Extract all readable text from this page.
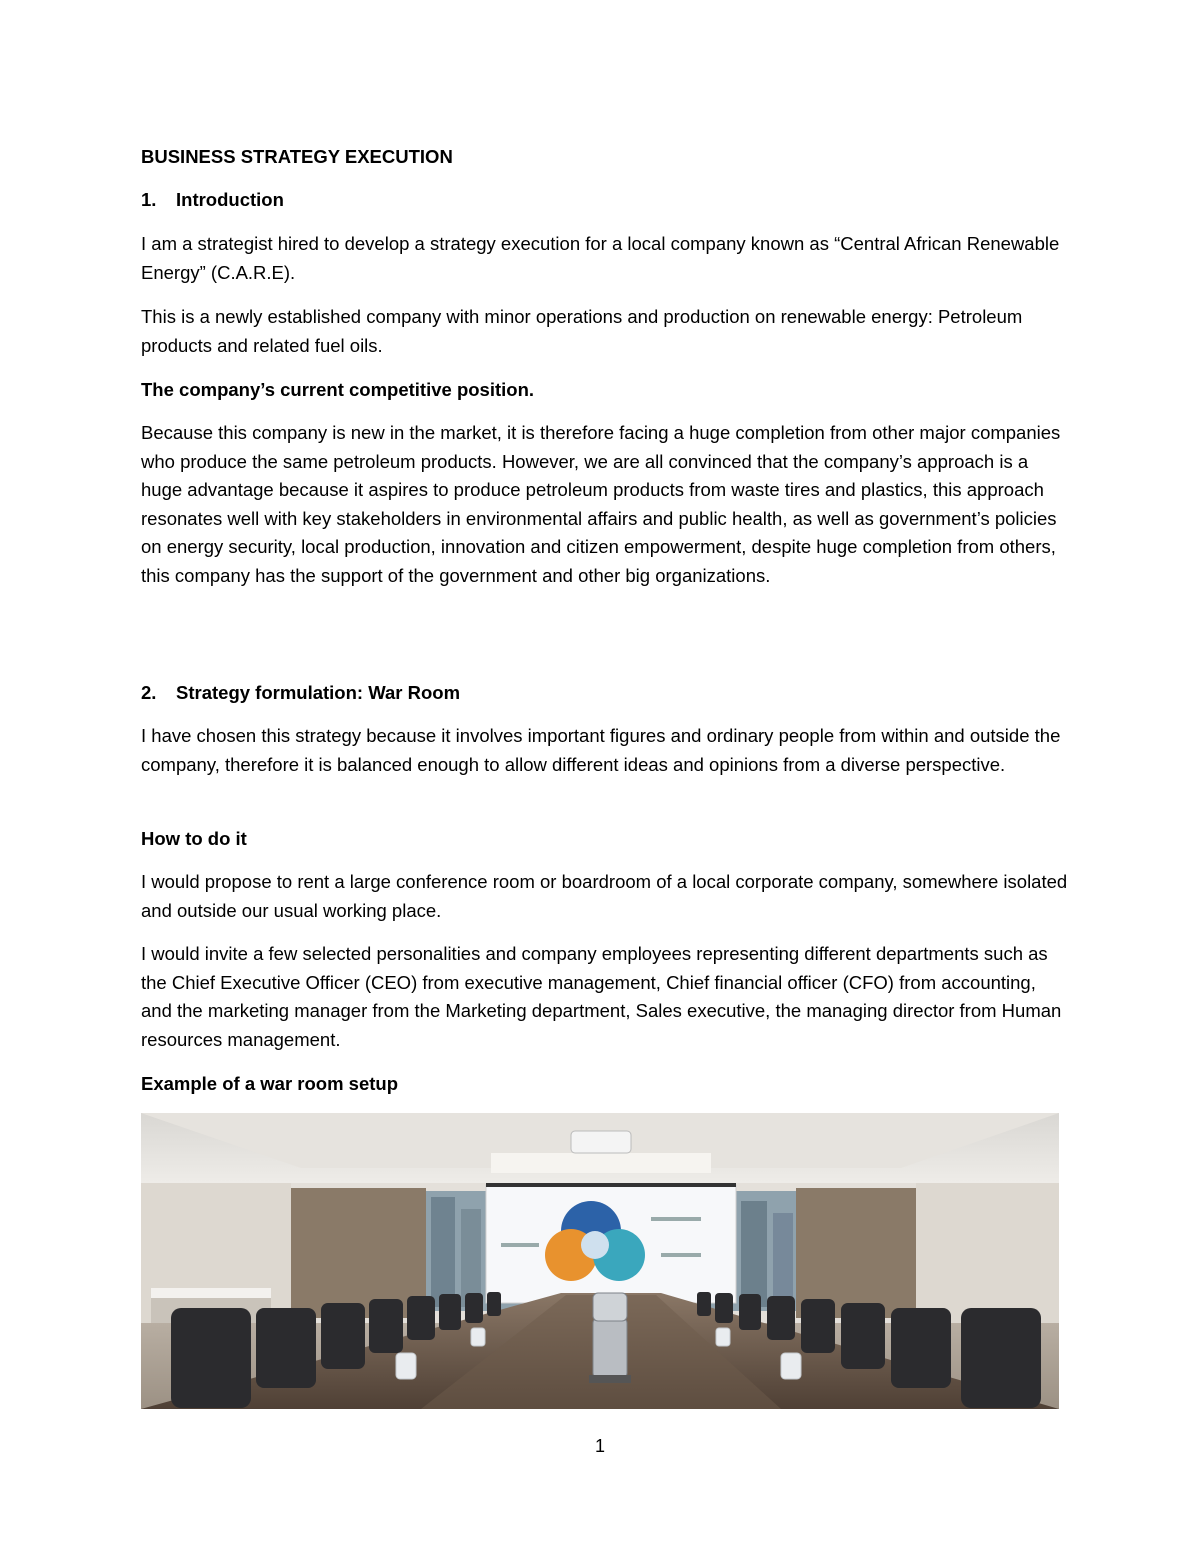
BUSINESS STRATEGY EXECUTION

1. Introduction

I am a strategist hired to develop a strategy execution for a local company known as “Central African Renewable Energy” (C.A.R.E).

This is a newly established company with minor operations and production on renewable energy: Petroleum products and related fuel oils.

The company’s current competitive position.

Because this company is new in the market, it is therefore facing a huge completion from other major companies who produce the same petroleum products. However, we are all convinced that the company’s approach is a huge advantage because it aspires to produce petroleum products from waste tires and plastics, this approach resonates well with key stakeholders in environmental affairs and public health, as well as government’s policies on energy security, local production, innovation and citizen empowerment, despite huge completion from others, this company has the support of the government and other big organizations.

2. Strategy formulation: War Room

I have chosen this strategy because it involves important figures and ordinary people from within and outside the company, therefore it is balanced enough to allow different ideas and opinions from a diverse perspective.

How to do it

I would propose to rent a large conference room or boardroom of a local corporate company, somewhere isolated and outside our usual working place.

I would invite a few selected personalities and company employees representing different departments such as the Chief Executive Officer (CEO) from executive management, Chief financial officer (CFO) from accounting, and the marketing manager from the Marketing department, Sales executive, the managing director from Human resources management.

Example of a war room setup

1
